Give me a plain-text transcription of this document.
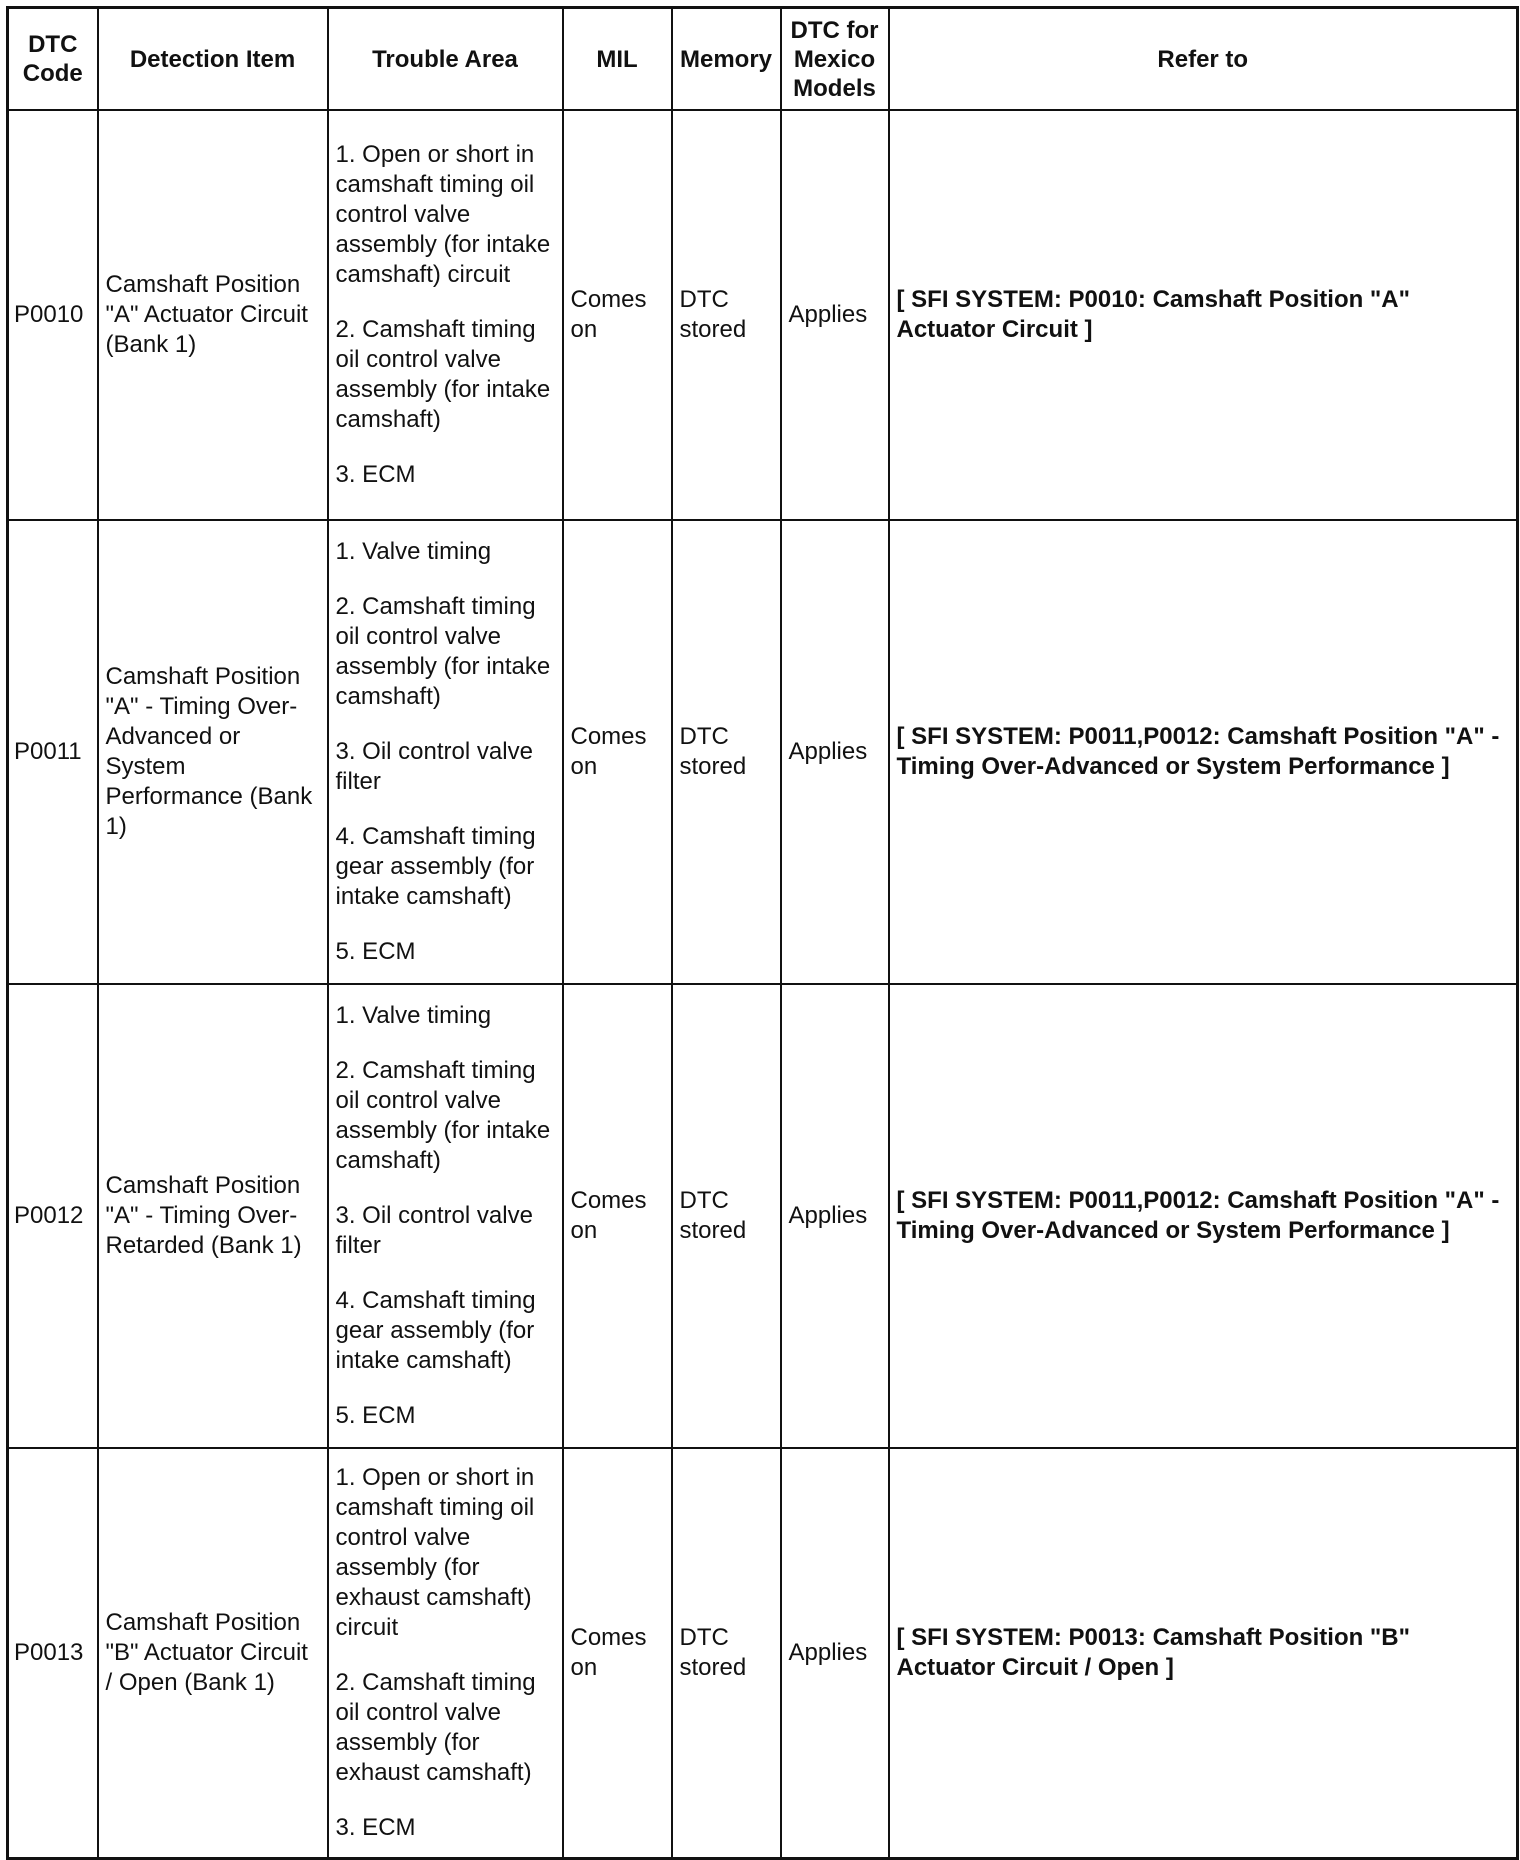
DTC Code	Detection Item	Trouble Area	MIL	Memory	DTC for Mexico Models	Refer to
P0010	Camshaft Position "A" Actuator Circuit (Bank 1)	1. Open or short in camshaft timing oil control valve assembly (for intake camshaft) circuit
2. Camshaft timing oil control valve assembly (for intake camshaft)
3. ECM	Comes on	DTC stored	Applies	[ SFI SYSTEM: P0010: Camshaft Position "A" Actuator Circuit ]
P0011	Camshaft Position "A" - Timing Over-Advanced or System Performance (Bank 1)	1. Valve timing
2. Camshaft timing oil control valve assembly (for intake camshaft)
3. Oil control valve filter
4. Camshaft timing gear assembly (for intake camshaft)
5. ECM	Comes on	DTC stored	Applies	[ SFI SYSTEM: P0011,P0012: Camshaft Position "A" - Timing Over-Advanced or System Performance ]
P0012	Camshaft Position "A" - Timing Over-Retarded (Bank 1)	1. Valve timing
2. Camshaft timing oil control valve assembly (for intake camshaft)
3. Oil control valve filter
4. Camshaft timing gear assembly (for intake camshaft)
5. ECM	Comes on	DTC stored	Applies	[ SFI SYSTEM: P0011,P0012: Camshaft Position "A" - Timing Over-Advanced or System Performance ]
P0013	Camshaft Position "B" Actuator Circuit / Open (Bank 1)	1. Open or short in camshaft timing oil control valve assembly (for exhaust camshaft) circuit
2. Camshaft timing oil control valve assembly (for exhaust camshaft)
3. ECM	Comes on	DTC stored	Applies	[ SFI SYSTEM: P0013: Camshaft Position "B" Actuator Circuit / Open ]
